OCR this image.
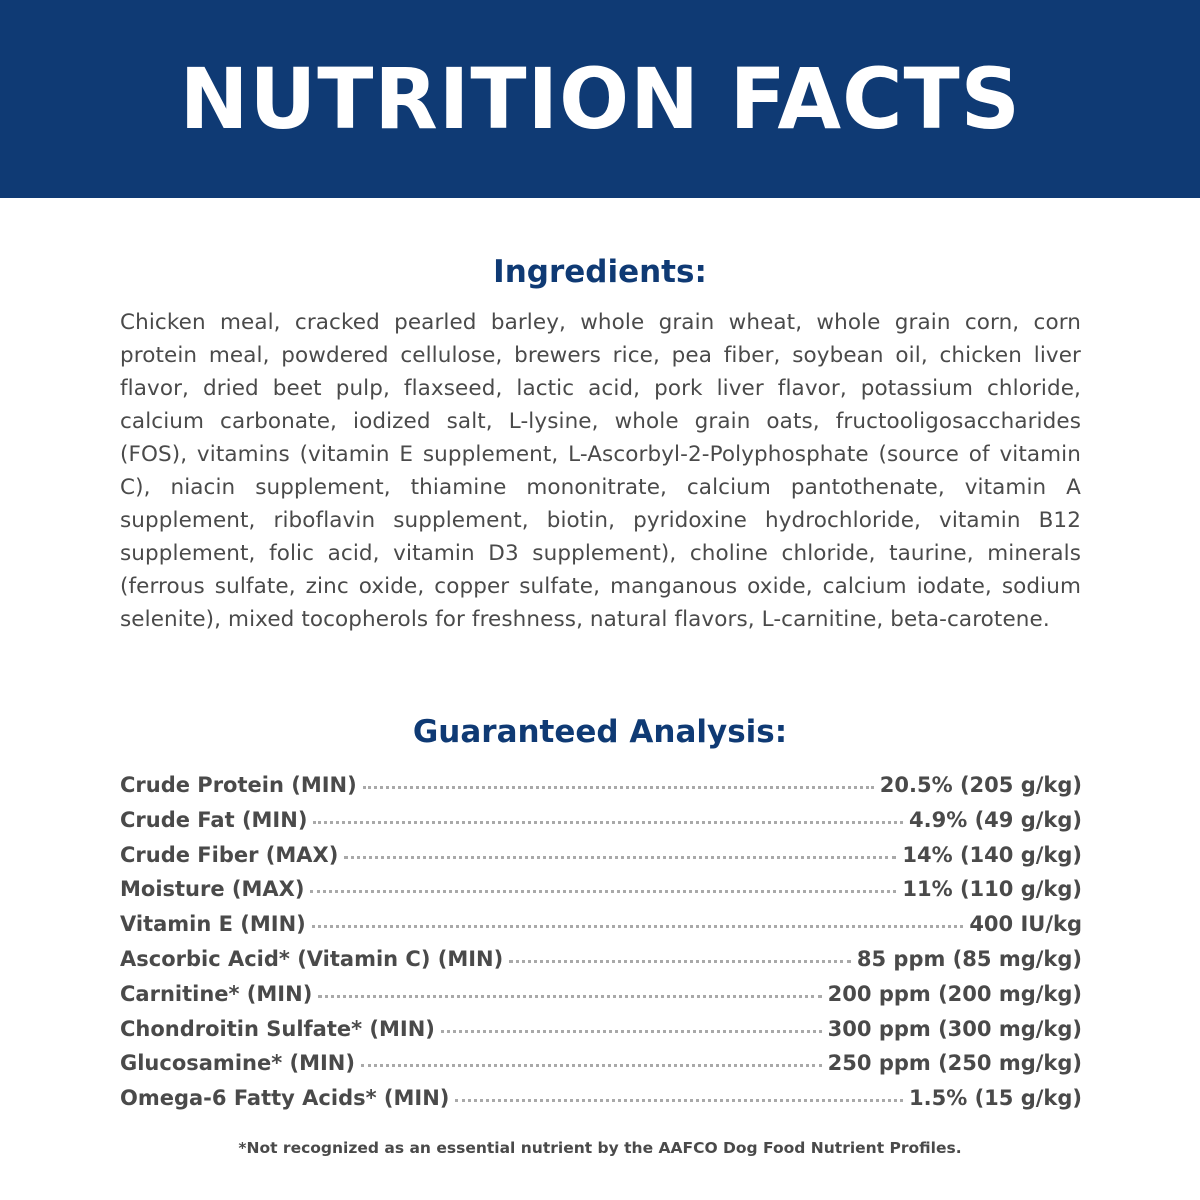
NUTRITION FACTS
Ingredients:

Chicken meal, cracked pearled barley, whole grain wheat, whole grain corn, corn protein meal, powdered cellulose, brewers rice, pea fiber, soybean oil, chicken liver flavor, dried beet pulp, flaxseed, lactic acid, pork liver flavor, potassium chloride, calcium carbonate, iodized salt, L-lysine, whole grain oats, fructooligosaccharides (FOS), vitamins (vitamin E supplement, L-Ascorbyl-2-Polyphosphate (source of vitamin C), niacin supplement, thiamine mononitrate, calcium pantothenate, vitamin A supplement, riboflavin supplement, biotin, pyridoxine hydrochloride, vitamin B12 supplement, folic acid, vitamin D3 supplement), choline chloride, taurine, minerals (ferrous sulfate, zinc oxide, copper sulfate, manganous oxide, calcium iodate, sodium selenite), mixed tocopherols for freshness, natural flavors, L-carnitine, beta-carotene.

Guaranteed Analysis:
Crude Protein (MIN)	20.5% (205 g/kg)
Crude Fat (MIN)	4.9% (49 g/kg)
Crude Fiber (MAX)	14% (140 g/kg)
Moisture (MAX)	11% (110 g/kg)
Vitamin E (MIN)	400 IU/kg
Ascorbic Acid* (Vitamin C) (MIN)	85 ppm (85 mg/kg)
Carnitine* (MIN)	200 ppm (200 mg/kg)
Chondroitin Sulfate* (MIN)	300 ppm (300 mg/kg)
Glucosamine* (MIN)	250 ppm (250 mg/kg)
Omega-6 Fatty Acids* (MIN)	1.5% (15 g/kg)

*Not recognized as an essential nutrient by the AAFCO Dog Food Nutrient Profiles.
